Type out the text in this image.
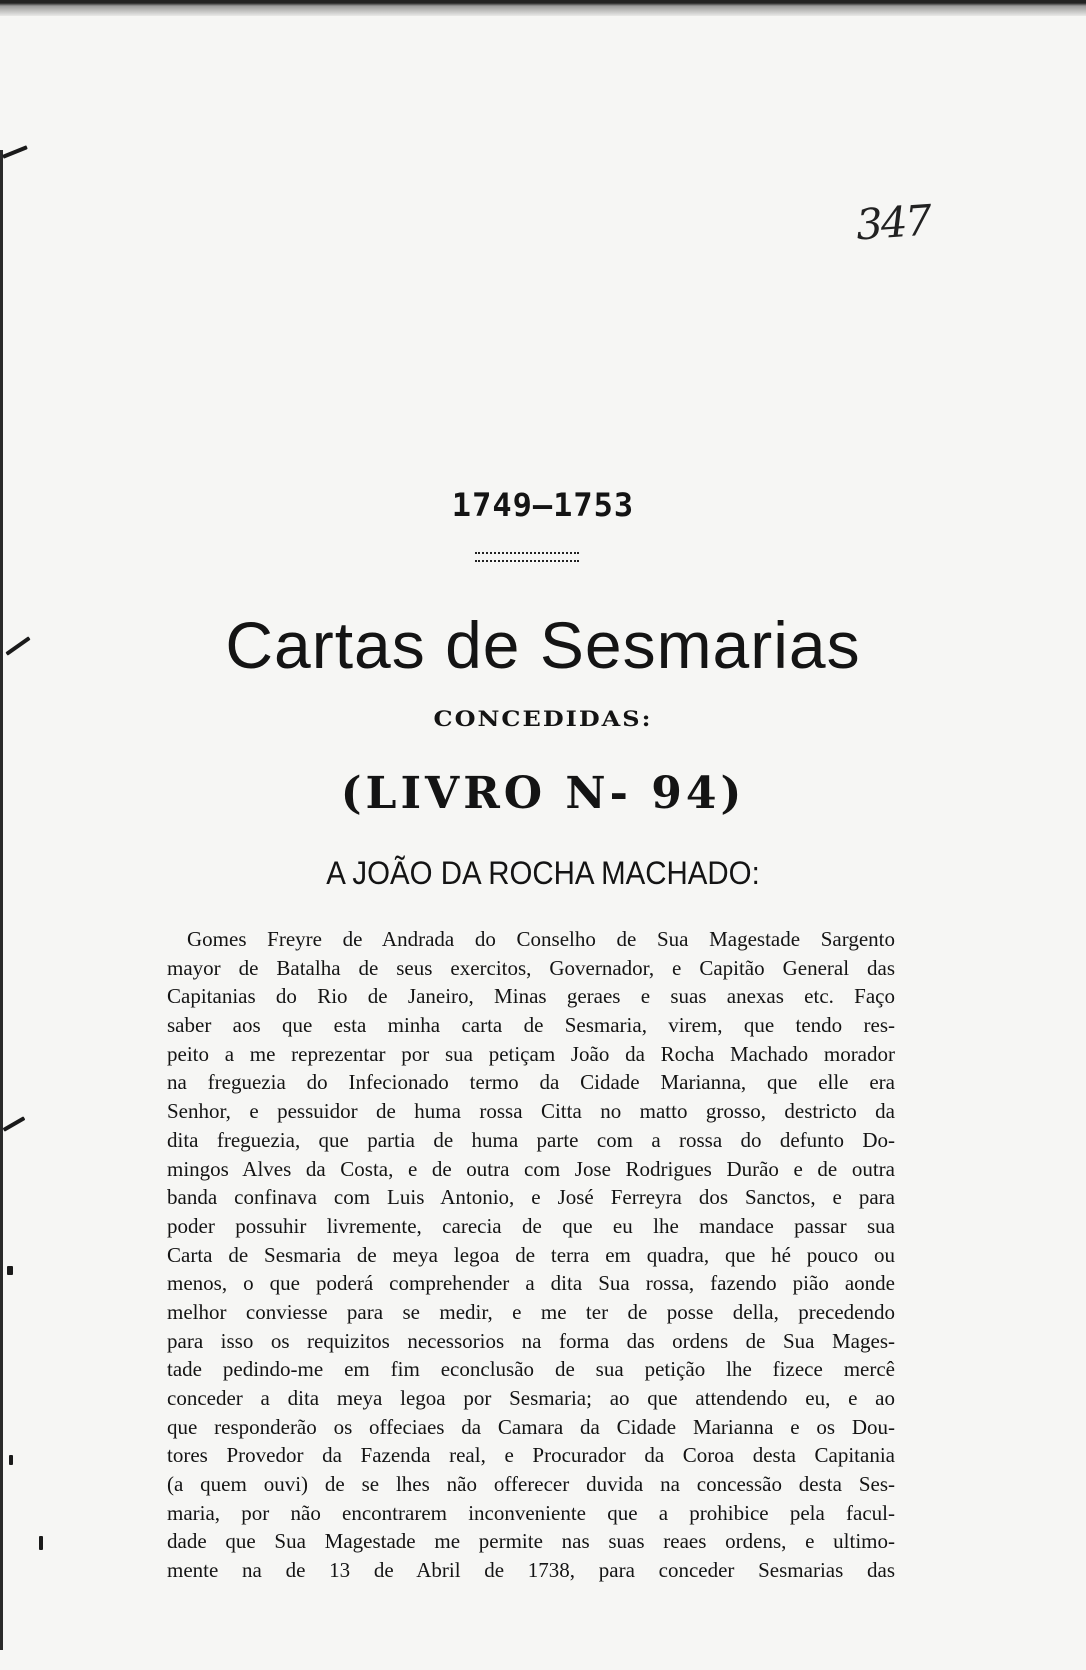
347
1749—1753
Cartas de Sesmarias
CONCEDIDAS:
(LIVRO N- 94)
A JOÃO DA ROCHA MACHADO:
Gomes Freyre de Andrada do Conselho de Sua Magestade Sargento
mayor de Batalha de seus exercitos, Governador, e Capitão General das
Capitanias do Rio de Janeiro, Minas geraes e suas anexas etc. Faço
saber aos que esta minha carta de Sesmaria, virem, que tendo res-
peito a me reprezentar por sua petiçam João da Rocha Machado morador
na freguezia do Infecionado termo da Cidade Marianna, que elle era
Senhor, e pessuidor de huma rossa Citta no matto grosso, destricto da
dita freguezia, que partia de huma parte com a rossa do defunto Do-
mingos Alves da Costa, e de outra com Jose Rodrigues Durão e de outra
banda confinava com Luis Antonio, e José Ferreyra dos Sanctos, e para
poder possuhir livremente, carecia de que eu lhe mandace passar sua
Carta de Sesmaria de meya legoa de terra em quadra, que hé pouco ou
menos, o que poderá comprehender a dita Sua rossa, fazendo pião aonde
melhor conviesse para se medir, e me ter de posse della, precedendo
para isso os requizitos necessorios na forma das ordens de Sua Mages-
tade pedindo-me em fim econclusão de sua petição lhe fizece mercê
conceder a dita meya legoa por Sesmaria; ao que attendendo eu, e ao
que responderão os offeciaes da Camara da Cidade Marianna e os Dou-
tores Provedor da Fazenda real, e Procurador da Coroa desta Capitania
(a quem ouvi) de se lhes não offerecer duvida na concessão desta Ses-
maria, por não encontrarem inconveniente que a prohibice pela facul-
dade que Sua Magestade me permite nas suas reaes ordens, e ultimo-
mente na de 13 de Abril de 1738, para conceder Sesmarias das
